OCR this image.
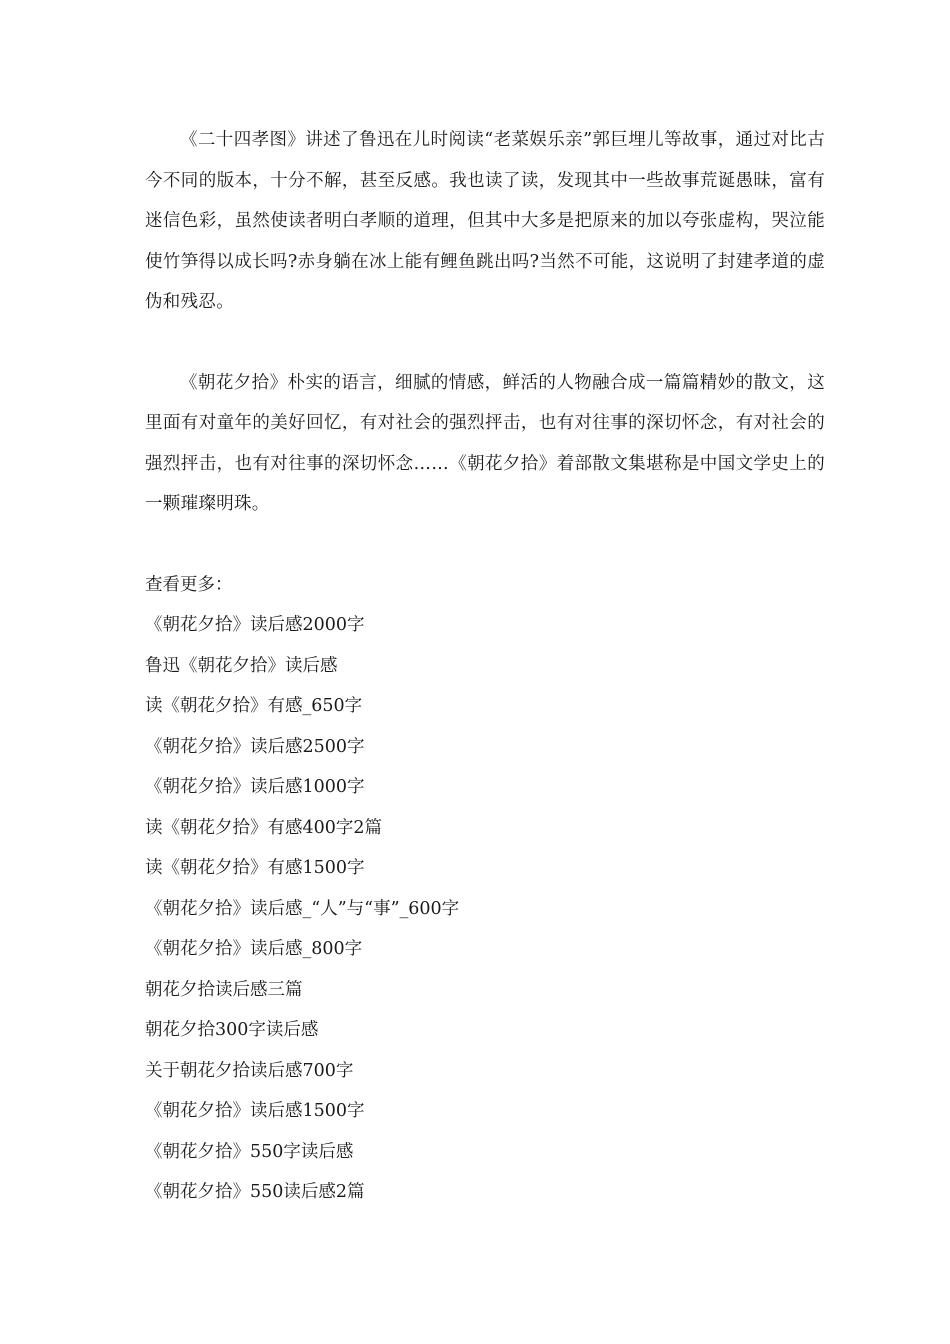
《二十四孝图》讲述了鲁迅在儿时阅读“老菜娱乐亲”郭巨埋儿等故事，通过对比古今不同的版本，十分不解，甚至反感。我也读了读，发现其中一些故事荒诞愚昧，富有迷信色彩，虽然使读者明白孝顺的道理，但其中大多是把原来的加以夸张虚构，哭泣能使竹笋得以成长吗?赤身躺在冰上能有鲤鱼跳出吗?当然不可能，这说明了封建孝道的虚伪和残忍。

《朝花夕拾》朴实的语言，细腻的情感，鲜活的人物融合成一篇篇精妙的散文，这里面有对童年的美好回忆，有对社会的强烈抨击，也有对往事的深切怀念，有对社会的强烈抨击，也有对往事的深切怀念……《朝花夕拾》着部散文集堪称是中国文学史上的一颗璀璨明珠。

查看更多：
《朝花夕拾》读后感2000字
鲁迅《朝花夕拾》读后感
读《朝花夕拾》有感_650字
《朝花夕拾》读后感2500字
《朝花夕拾》读后感1000字
读《朝花夕拾》有感400字2篇
读《朝花夕拾》有感1500字
《朝花夕拾》读后感_“人”与“事”_600字
《朝花夕拾》读后感_800字
朝花夕拾读后感三篇
朝花夕拾300字读后感
关于朝花夕拾读后感700字
《朝花夕拾》读后感1500字
《朝花夕拾》550字读后感
《朝花夕拾》550读后感2篇
